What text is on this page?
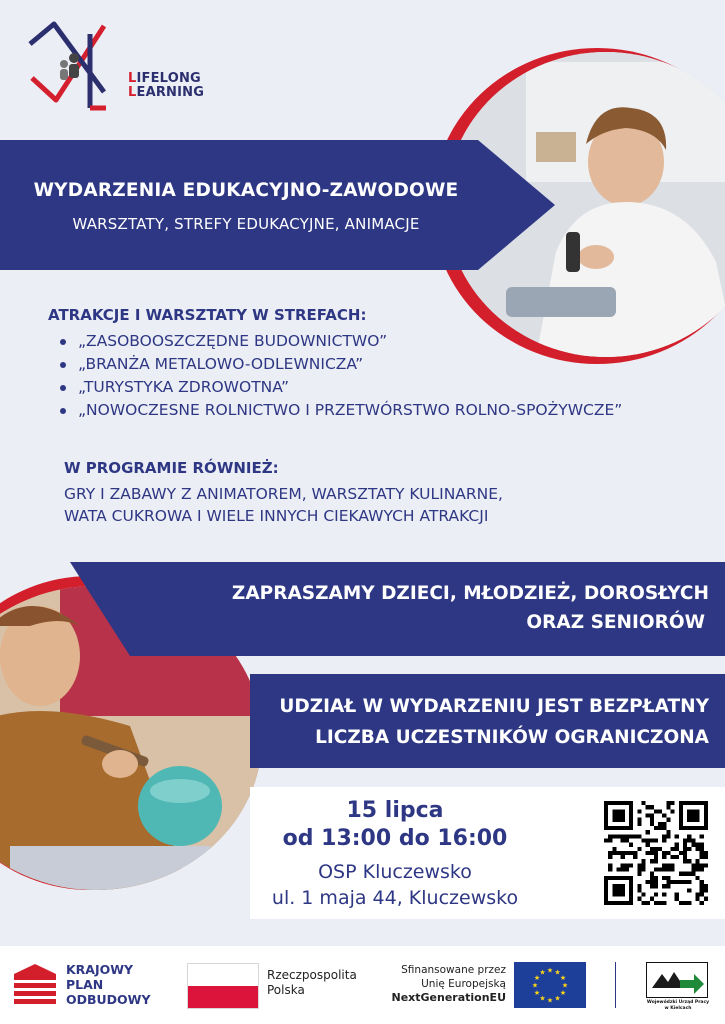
LIFELONG
LEARNING
WYDARZENIA EDUKACYJNO-ZAWODOWE
WARSZTATY, STREFY EDUKACYJNE, ANIMACJE
ATRAKCJE I WARSZTATY W STREFACH:
„ZASOBOOSZCZĘDNE BUDOWNICTWO”
„BRANŻA METALOWO-ODLEWNICZA”
„TURYSTYKA ZDROWOTNA”
„NOWOCZESNE ROLNICTWO I PRZETWÓRSTWO ROLNO-SPOŻYWCZE”
W PROGRAMIE RÓWNIEŻ:
GRY I ZABAWY Z ANIMATOREM, WARSZTATY KULINARNE,
WATA CUKROWA I WIELE INNYCH CIEKAWYCH ATRAKCJI
ZAPRASZAMY DZIECI, MŁODZIEŻ, DOROSŁYCH
ORAZ SENIORÓW
UDZIAŁ W WYDARZENIU JEST BEZPŁATNY
LICZBA UCZESTNIKÓW OGRANICZONA
15 lipca
od 13:00 do 16:00
OSP Kluczewsko
ul. 1 maja 44, Kluczewsko
KRAJOWY
PLAN
ODBUDOWY
Rzeczpospolita
Polska
Sfinansowane przez
Unię Europejską
NextGenerationEU
★
★
★
★
★
★
★
★
★ ★ ★
★
Wojewódzki Urząd Pracy
w Kielcach
